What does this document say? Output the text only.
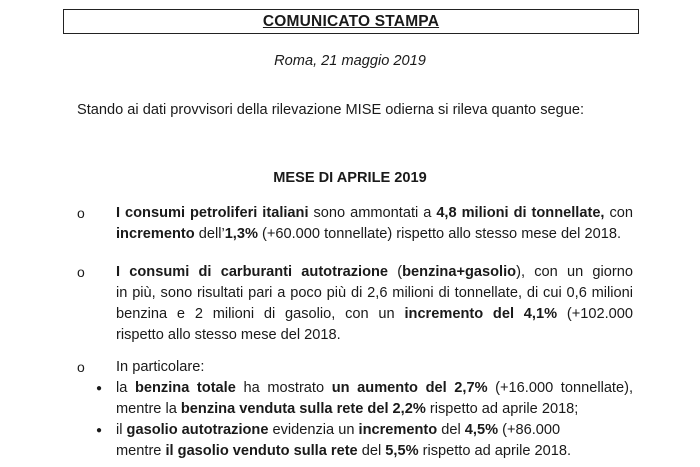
COMUNICATO STAMPA
Roma, 21 maggio 2019
Stando ai dati provvisori della rilevazione MISE odierna si rileva quanto segue:
MESE DI APRILE 2019
o	I consumi petroliferi italiani sono ammontati a 4,8 milioni di tonnellate, con
incremento dell’1,3% (+60.000 tonnellate) rispetto allo stesso mese del 2018.
o	I consumi di carburanti autotrazione (benzina+gasolio), con un giorno
in più, sono risultati pari a poco più di 2,6 milioni di tonnellate, di cui 0,6 milioni
benzina e 2 milioni di gasolio, con un incremento del 4,1% (+102.000
rispetto allo stesso mese del 2018.
o	In particolare:
● la benzina totale ha mostrato un aumento del 2,7% (+16.000 tonnellate),
mentre la benzina venduta sulla rete del 2,2% rispetto ad aprile 2018;
● il gasolio autotrazione evidenzia un incremento del 4,5% (+86.000
mentre il gasolio venduto sulla rete del 5,5% rispetto ad aprile 2018.
